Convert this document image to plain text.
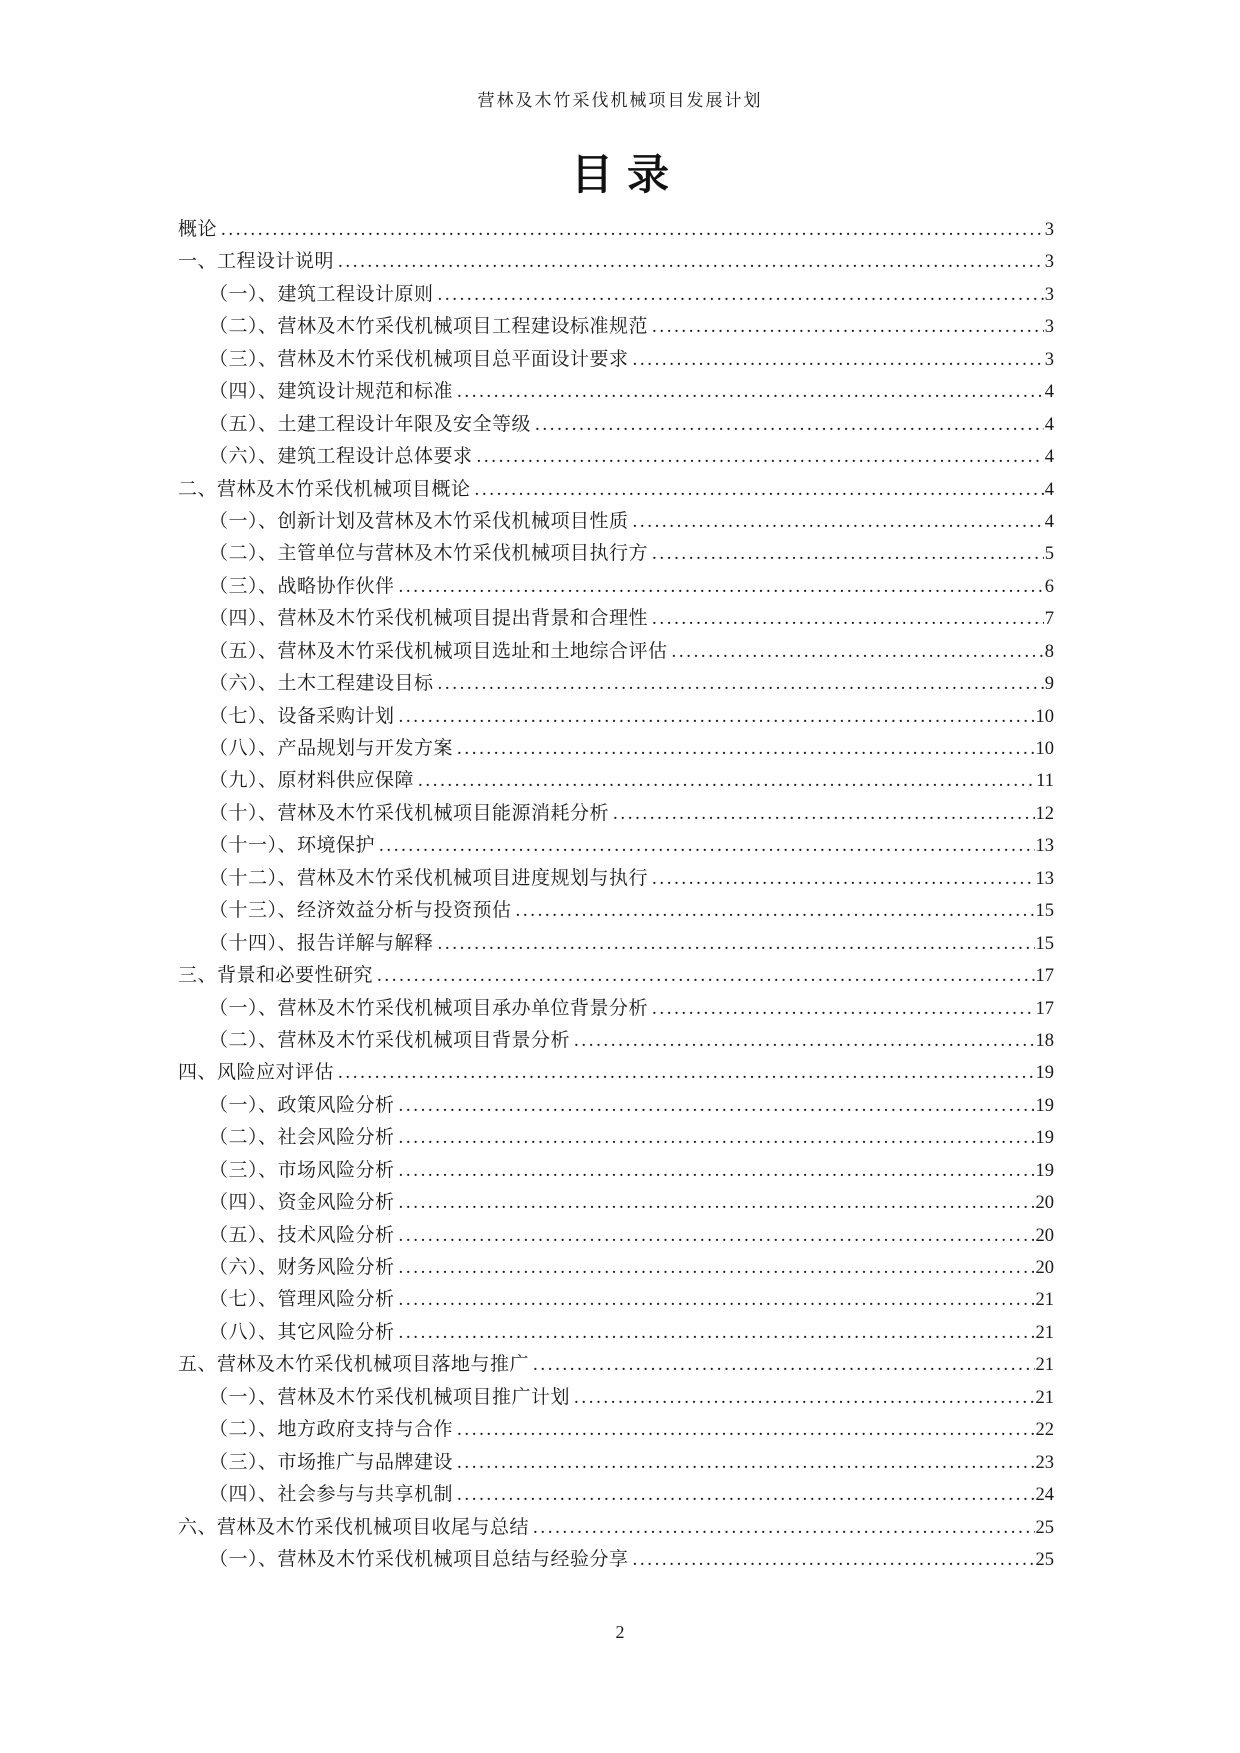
营林及木竹采伐机械项目发展计划
目录
概论 .....	3
一、工程设计说明 .....	3
（一）、建筑工程设计原则 .....	3
（二）、营林及木竹采伐机械项目工程建设标准规范 .....	3
（三）、营林及木竹采伐机械项目总平面设计要求 .....	3
（四）、建筑设计规范和标准 .....	4
（五）、土建工程设计年限及安全等级 .....	4
（六）、建筑工程设计总体要求 .....	4
二、营林及木竹采伐机械项目概论 .....	4
（一）、创新计划及营林及木竹采伐机械项目性质 .....	4
（二）、主管单位与营林及木竹采伐机械项目执行方 .....	5
（三）、战略协作伙伴 .....	6
（四）、营林及木竹采伐机械项目提出背景和合理性 .....	7
（五）、营林及木竹采伐机械项目选址和土地综合评估 .....	8
（六）、土木工程建设目标 .....	9
（七）、设备采购计划 .....	10
（八）、产品规划与开发方案 .....	10
（九）、原材料供应保障 .....	11
（十）、营林及木竹采伐机械项目能源消耗分析 .....	12
（十一）、环境保护 .....	13
（十二）、营林及木竹采伐机械项目进度规划与执行 .....	13
（十三）、经济效益分析与投资预估 .....	15
（十四）、报告详解与解释 .....	15
三、背景和必要性研究 .....	17
（一）、营林及木竹采伐机械项目承办单位背景分析 .....	17
（二）、营林及木竹采伐机械项目背景分析 .....	18
四、风险应对评估 .....	19
（一）、政策风险分析 .....	19
（二）、社会风险分析 .....	19
（三）、市场风险分析 .....	19
（四）、资金风险分析 .....	20
（五）、技术风险分析 .....	20
（六）、财务风险分析 .....	20
（七）、管理风险分析 .....	21
（八）、其它风险分析 .....	21
五、营林及木竹采伐机械项目落地与推广 .....	21
（一）、营林及木竹采伐机械项目推广计划 .....	21
（二）、地方政府支持与合作 .....	22
（三）、市场推广与品牌建设 .....	23
（四）、社会参与与共享机制 .....	24
六、营林及木竹采伐机械项目收尾与总结 .....	25
（一）、营林及木竹采伐机械项目总结与经验分享 .....	25
2
